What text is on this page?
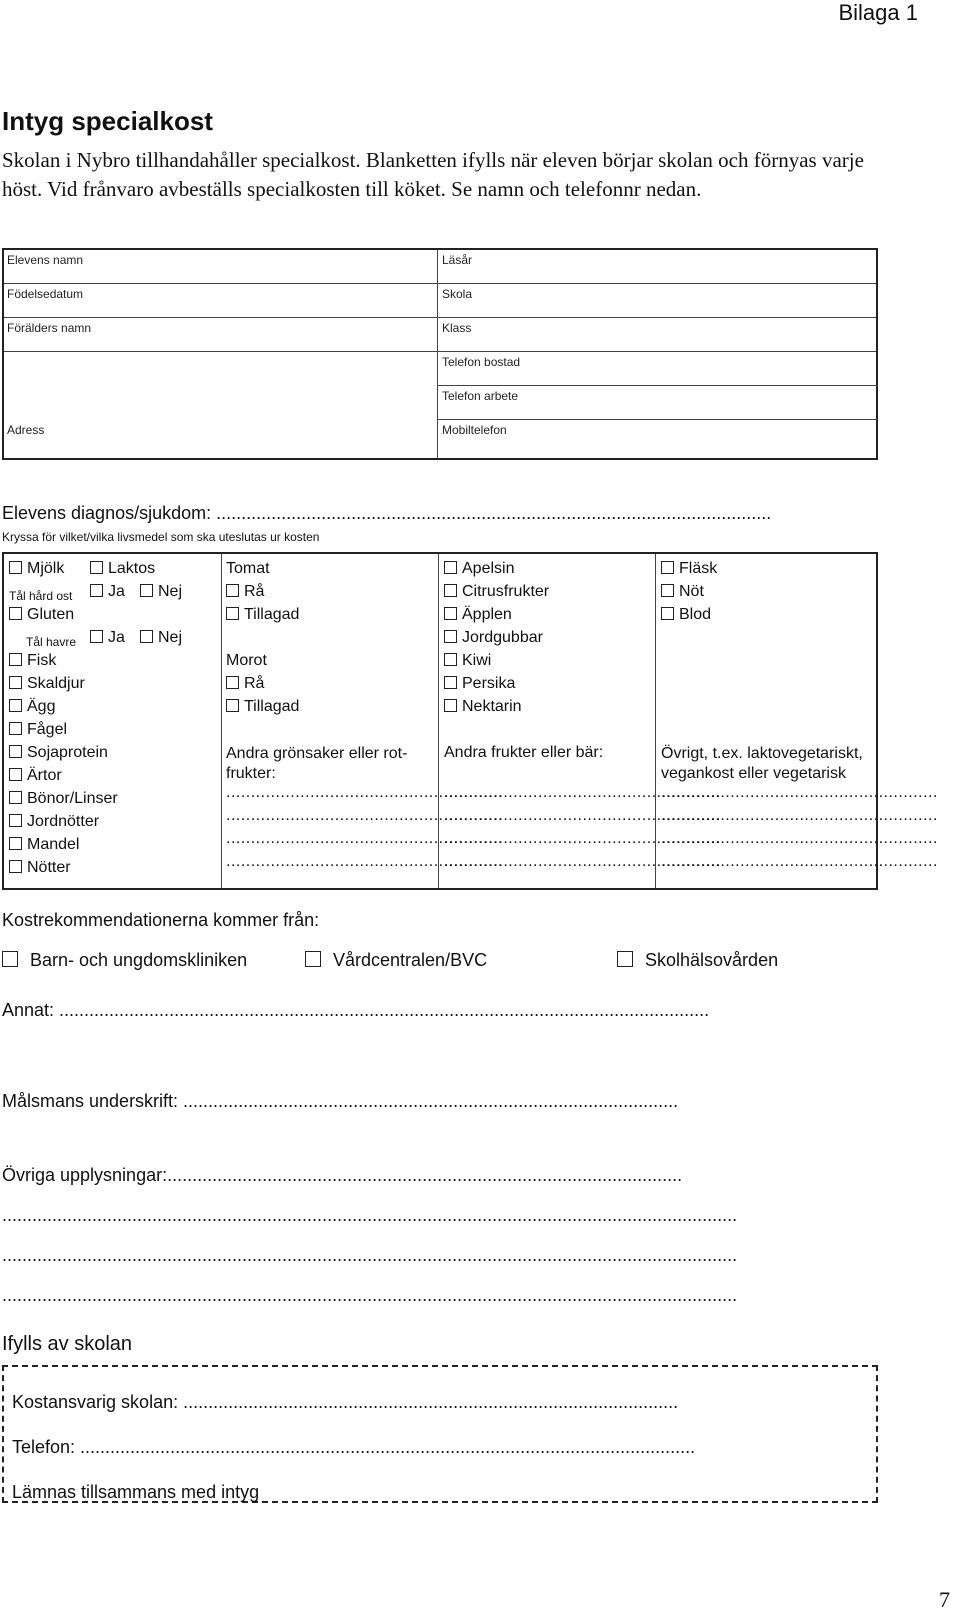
Bilaga 1
Intyg specialkost
Skolan i Nybro tillhandahåller specialkost. Blanketten ifylls när eleven börjar skolan och förnyas varje höst. Vid frånvaro avbeställs specialkosten till köket. Se namn och telefonnr nedan.
Elevens namn	Läsår
Födelsedatum	Skola
Förälders namn	Klass
Telefon bostad
Telefon arbete
Adress	Mobiltelefon
Elevens diagnos/sjukdom: ...............................................................................................................
Kryssa för vilket/vilka livsmedel som ska uteslutas ur kosten
Mjölk	Laktos
Tål hård ost	Ja	Nej
Gluten
Tål havre	Ja	Nej
Fisk
Skaldjur
Ägg
Fågel
Sojaprotein
Ärtor
Bönor/Linser
Jordnötter
Mandel
Nötter
Tomat
Rå
Tillagad
Morot
Rå
Tillagad
Andra grönsaker eller rot-frukter:
........................................................
........................................................
........................................................
........................................................
Apelsin
Citrusfrukter
Äpplen
Jordgubbar
Kiwi
Persika
Nektarin
Andra frukter eller bär:
........................................................
........................................................
........................................................
........................................................
Fläsk
Nöt
Blod
Övrigt, t.ex. laktovegetariskt, vegankost eller vegetarisk
........................................................
........................................................
........................................................
........................................................
Kostrekommendationerna kommer från:
Barn- och ungdomskliniken	Vårdcentralen/BVC	Skolhälsovården
Annat: ..................................................................................................................................
Målsmans underskrift: ...................................................................................................
Övriga upplysningar:.......................................................................................................
...................................................................................................................................................
...................................................................................................................................................
...................................................................................................................................................
Ifylls av skolan
Kostansvarig skolan: ...................................................................................................
Telefon: ...........................................................................................................................
Lämnas tillsammans med intyg
7
